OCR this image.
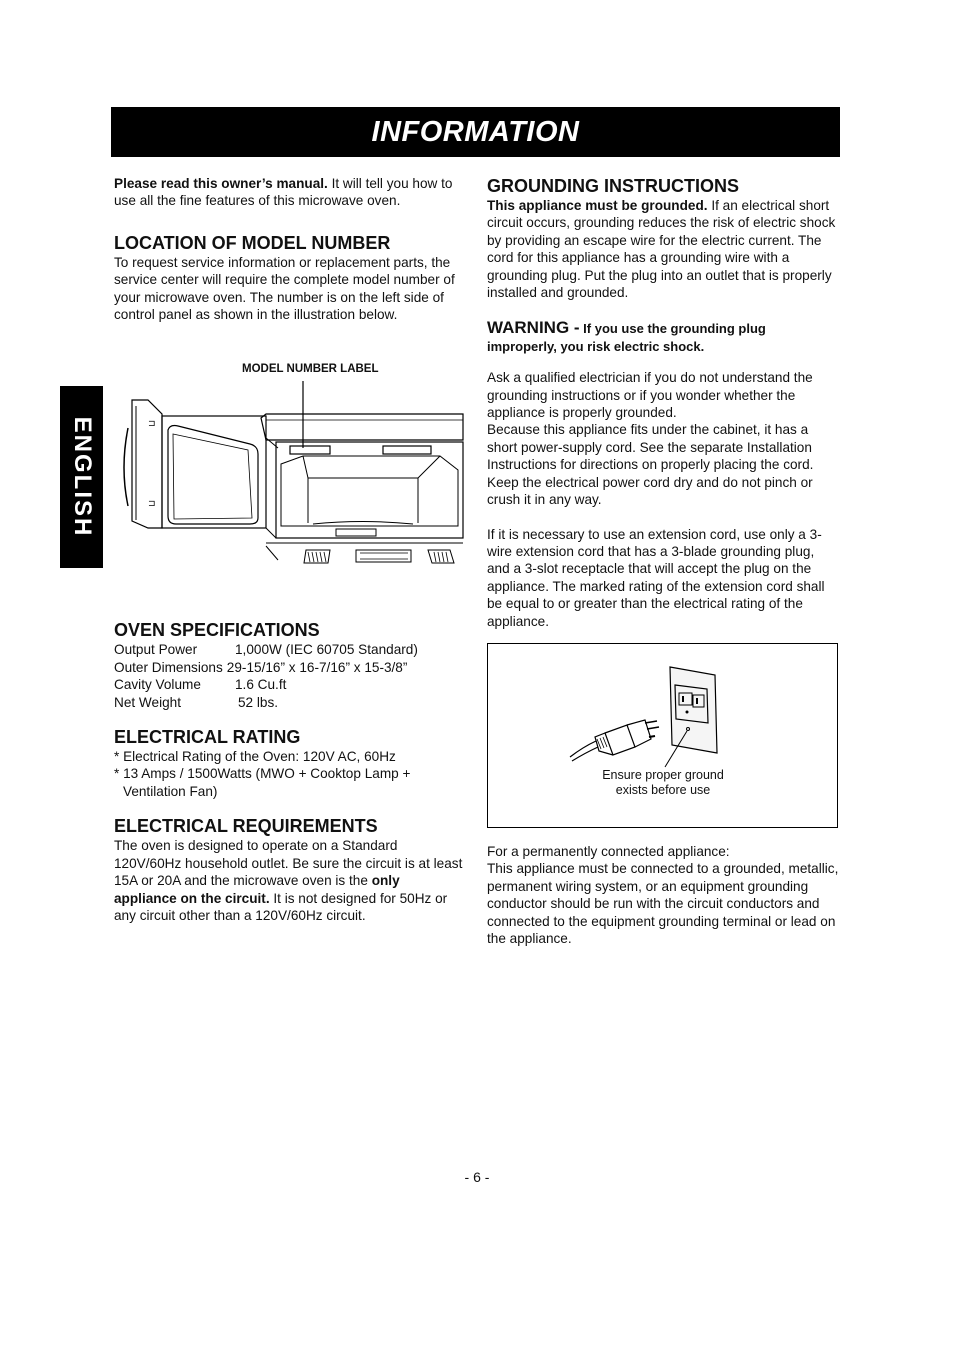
INFORMATION
ENGLISH

Please read this owner’s manual. It will tell you how to use all the fine features of this microwave oven.

LOCATION OF MODEL NUMBER

To request service information or replacement parts, the service center will require the complete model number of your microwave oven. The number is on the left side of control panel as shown in the illustration below.

OVEN SPECIFICATIONS
Output Power	1,000W (IEC 60705 Standard)
Outer Dimensions 29-15/16” x 16-7/16” x 15-3/8”
Cavity Volume	1.6 Cu.ft
Net Weight	52 lbs.
ELECTRICAL RATING

* Electrical Rating of the Oven: 120V AC, 60Hz

* 13 Amps / 1500Watts (MWO + Cooktop Lamp + Ventilation Fan)

ELECTRICAL REQUIREMENTS

The oven is designed to operate on a Standard 120V/60Hz household outlet. Be sure the circuit is at least 15A or 20A and the microwave oven is the only appliance on the circuit. It is not designed for 50Hz or any circuit other than a 120V/60Hz circuit.

MODEL NUMBER LABEL
⊐
⊐
GROUNDING INSTRUCTIONS

This appliance must be grounded. If an electrical short circuit occurs, grounding reduces the risk of electric shock by providing an escape wire for the electric current. The cord for this appliance has a grounding wire with a grounding plug. Put the plug into an outlet that is properly installed and grounded.

WARNING - If you use the grounding plug improperly, you risk electric shock.

Ask a qualified electrician if you do not understand the grounding instructions or if you wonder whether the appliance is properly grounded.

Because this appliance fits under the cabinet, it has a short power-supply cord. See the separate Installation Instructions for directions on properly placing the cord. Keep the electrical power cord dry and do not pinch or crush it in any way.

If it is necessary to use an extension cord, use only a 3-wire extension cord that has a 3-blade grounding plug, and a 3-slot receptacle that will accept the plug on the appliance. The marked rating of the extension cord shall be equal to or greater than the electrical rating of the appliance.

Ensure proper ground
exists before use

For a permanently connected appliance:

This appliance must be connected to a grounded, metallic, permanent wiring system, or an equipment grounding conductor should be run with the circuit conductors and connected to the equipment grounding terminal or lead on the appliance.

- 6 -
